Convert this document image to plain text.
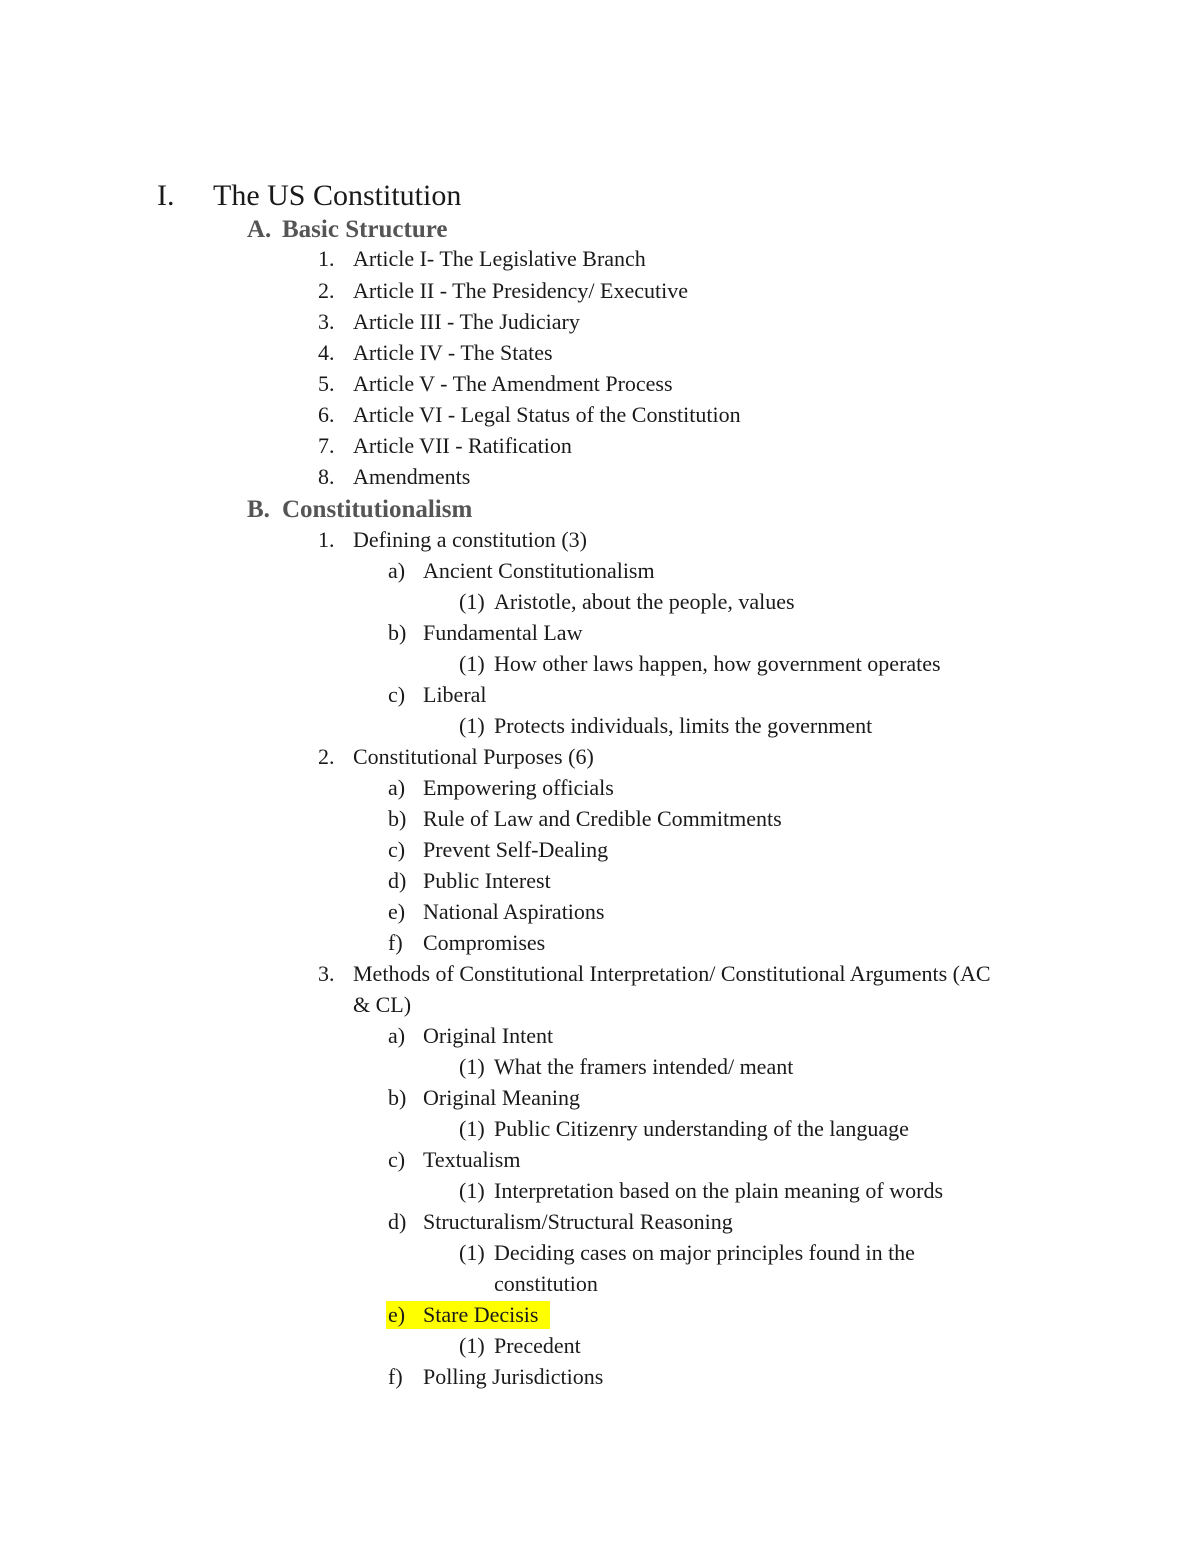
I. The US Constitution
A. Basic Structure
1. Article I- The Legislative Branch
2. Article II - The Presidency/ Executive
3. Article III - The Judiciary
4. Article IV - The States
5. Article V - The Amendment Process
6. Article VI - Legal Status of the Constitution
7. Article VII - Ratification
8. Amendments
B. Constitutionalism
1. Defining a constitution (3)
a) Ancient Constitutionalism
(1) Aristotle, about the people, values
b) Fundamental Law
(1) How other laws happen, how government operates
c) Liberal
(1) Protects individuals, limits the government
2. Constitutional Purposes (6)
a) Empowering officials
b) Rule of Law and Credible Commitments
c) Prevent Self-Dealing
d) Public Interest
e) National Aspirations
f) Compromises
3. Methods of Constitutional Interpretation/ Constitutional Arguments (AC
& CL)
a) Original Intent
(1) What the framers intended/ meant
b) Original Meaning
(1) Public Citizenry understanding of the language
c) Textualism
(1) Interpretation based on the plain meaning of words
d) Structuralism/Structural Reasoning
(1) Deciding cases on major principles found in the
constitution
e) Stare Decisis
(1) Precedent
f) Polling Jurisdictions
